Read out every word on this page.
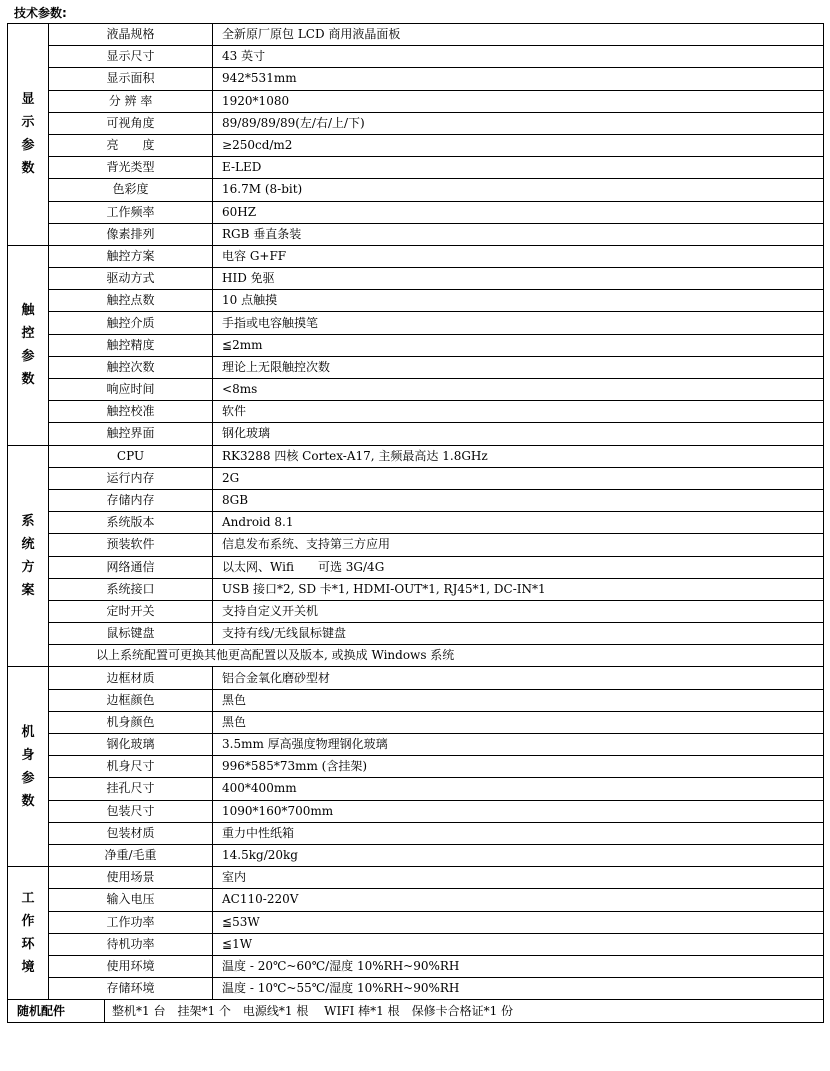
技术参数:
显
示
参
数	液晶规格		全新原厂原包 LCD 商用液晶面板
	显示尺寸		43 英寸
	显示面积		942*531mm
	分 辨 率		1920*1080
	可视角度		89/89/89/89(左/右/上/下)
	亮　　度		≥250cd/m2
	背光类型		E-LED
	色彩度		16.7M (8-bit)
	工作频率		60HZ
	像素排列		RGB 垂直条装

触
控
参
数	触控方案		电容 G+FF
	驱动方式		HID 免驱
	触控点数		10 点触摸
	触控介质		手指或电容触摸笔
	触控精度		≦2mm
	触控次数		理论上无限触控次数
	响应时间		<8ms
	触控校准		软件
	触控界面		钢化玻璃

系
统
方
案	CPU		RK3288 四核 Cortex-A17, 主频最高达 1.8GHz
	运行内存		2G
	存储内存		8GB
	系统版本		Android 8.1
	预装软件		信息发布系统、支持第三方应用
	网络通信		以太网、Wifi　　可选 3G/4G
	系统接口		USB 接口*2, SD 卡*1, HDMI-OUT*1, RJ45*1, DC-IN*1
	定时开关		支持自定义开关机
	鼠标键盘		支持有线/无线鼠标键盘
	以上系统配置可更换其他更高配置以及版本, 或换成 Windows 系统		

机
身
参
数	边框材质		铝合金氧化磨砂型材
	边框颜色		黑色
	机身颜色		黑色
	钢化玻璃		3.5mm 厚高强度物理钢化玻璃
	机身尺寸		996*585*73mm (含挂架)
	挂孔尺寸		400*400mm
	包装尺寸		1090*160*700mm
	包装材质		重力中性纸箱
	净重/毛重		14.5kg/20kg

工
作
环
境	使用场景		室内
	输入电压		AC110-220V
	工作功率		≦53W
	待机功率		≦1W
	使用环境		温度 - 20℃~60℃/湿度 10%RH~90%RH
	存储环境		温度 - 10℃~55℃/湿度 10%RH~90%RH
随机配件		整机*1 台　挂架*1 个　电源线*1 根　 WIFI 棒*1 根　保修卡合格证*1 份	
